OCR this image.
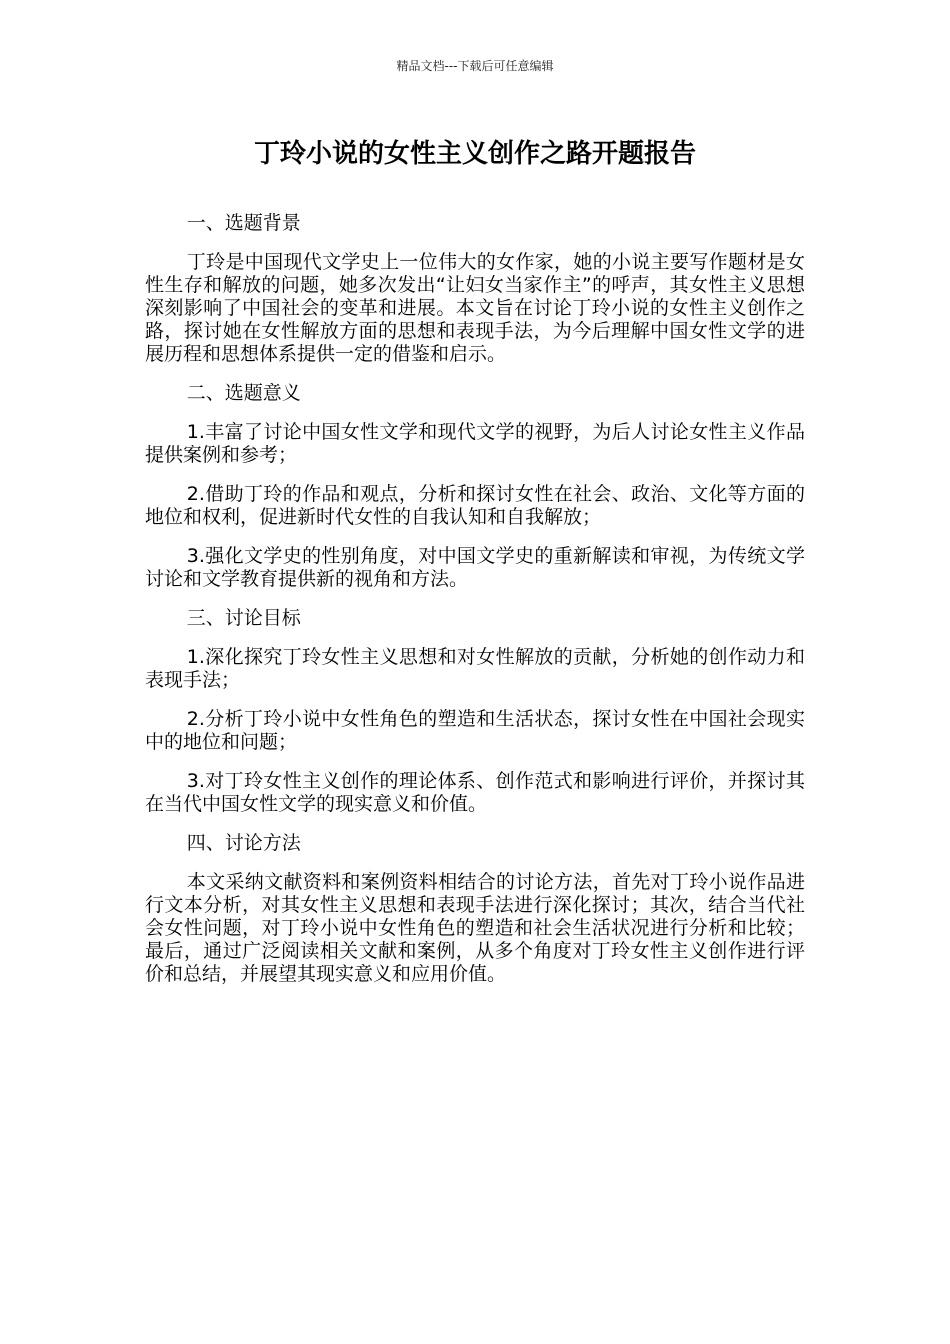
精品文档---下载后可任意编辑
丁玲小说的女性主义创作之路开题报告

一、选题背景

丁玲是中国现代文学史上一位伟大的女作家，她的小说主要写作题材是女性生存和解放的问题，她多次发出“让妇女当家作主”的呼声，其女性主义思想深刻影响了中国社会的变革和进展。本文旨在讨论丁玲小说的女性主义创作之路，探讨她在女性解放方面的思想和表现手法，为今后理解中国女性文学的进展历程和思想体系提供一定的借鉴和启示。

二、选题意义

1.丰富了讨论中国女性文学和现代文学的视野，为后人讨论女性主义作品提供案例和参考；

2.借助丁玲的作品和观点，分析和探讨女性在社会、政治、文化等方面的地位和权利，促进新时代女性的自我认知和自我解放；

3.强化文学史的性别角度，对中国文学史的重新解读和审视，为传统文学讨论和文学教育提供新的视角和方法。

三、讨论目标

1.深化探究丁玲女性主义思想和对女性解放的贡献，分析她的创作动力和表现手法；

2.分析丁玲小说中女性角色的塑造和生活状态，探讨女性在中国社会现实中的地位和问题；

3.对丁玲女性主义创作的理论体系、创作范式和影响进行评价，并探讨其在当代中国女性文学的现实意义和价值。

四、讨论方法

本文采纳文献资料和案例资料相结合的讨论方法，首先对丁玲小说作品进行文本分析，对其女性主义思想和表现手法进行深化探讨；其次，结合当代社会女性问题，对丁玲小说中女性角色的塑造和社会生活状况进行分析和比较；最后，通过广泛阅读相关文献和案例，从多个角度对丁玲女性主义创作进行评价和总结，并展望其现实意义和应用价值。
